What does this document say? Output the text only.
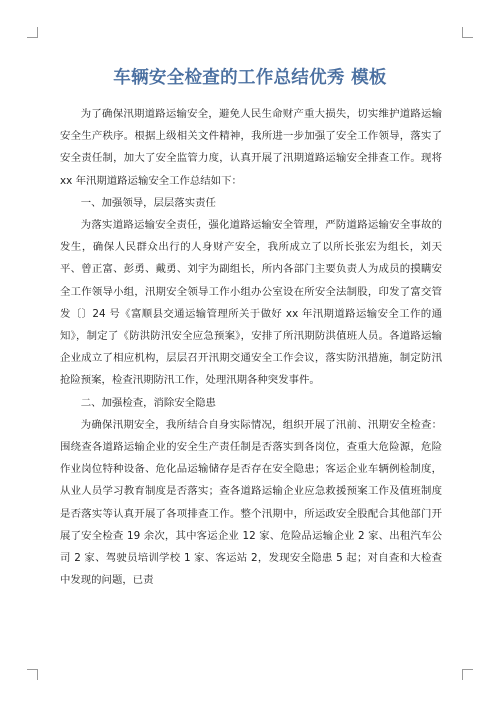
车辆安全检查的工作总结优秀 模板

为了确保汛期道路运输安全，避免人民生命财产重大损失，切实维护道路运输安全生产秩序。根据上级相关文件精神，我所进一步加强了安全工作领导，落实了安全责任制，加大了安全监管力度，认真开展了汛期道路运输安全排查工作。现将 xx 年汛期道路运输安全工作总结如下：

一、加强领导，层层落实责任

为落实道路运输安全责任，强化道路运输安全管理，严防道路运输安全事故的发生，确保人民群众出行的人身财产安全，我所成立了以所长张宏为组长，刘天平、曾正富、彭勇、戴勇、刘宇为副组长，所内各部门主要负责人为成员的摸瞒安全工作领导小组，汛期安全领导工作小组办公室设在所安全法制股，印发了富交管发〔〕24 号《富顺县交通运输管理所关于做好 xx 年汛期道路运输安全工作的通知》，制定了《防洪防汛安全应急预案》，安排了所汛期防洪值班人员。各道路运输企业成立了相应机构，层层召开汛期交通安全工作会议，落实防汛措施，制定防汛抢险预案，检查汛期防汛工作，处理汛期各种突发事件。

二、加强检查，消除安全隐患

为确保汛期安全，我所结合自身实际情况，组织开展了汛前、汛期安全检查：围绕查各道路运输企业的安全生产责任制是否落实到各岗位，查重大危险源，危险作业岗位特种设备、危化品运输储存是否存在安全隐患；客运企业车辆例检制度，从业人员学习教育制度是否落实；查各道路运输企业应急救援预案工作及值班制度是否落实等认真开展了各项排查工作。整个汛期中，所运政安全股配合其他部门开展了安全检查 19 余次，其中客运企业 12 家、危险品运输企业 2 家、出租汽车公司 2 家、驾驶员培训学校 1 家、客运站 2，发现安全隐患 5 起；对自查和大检查中发现的问题，已责
